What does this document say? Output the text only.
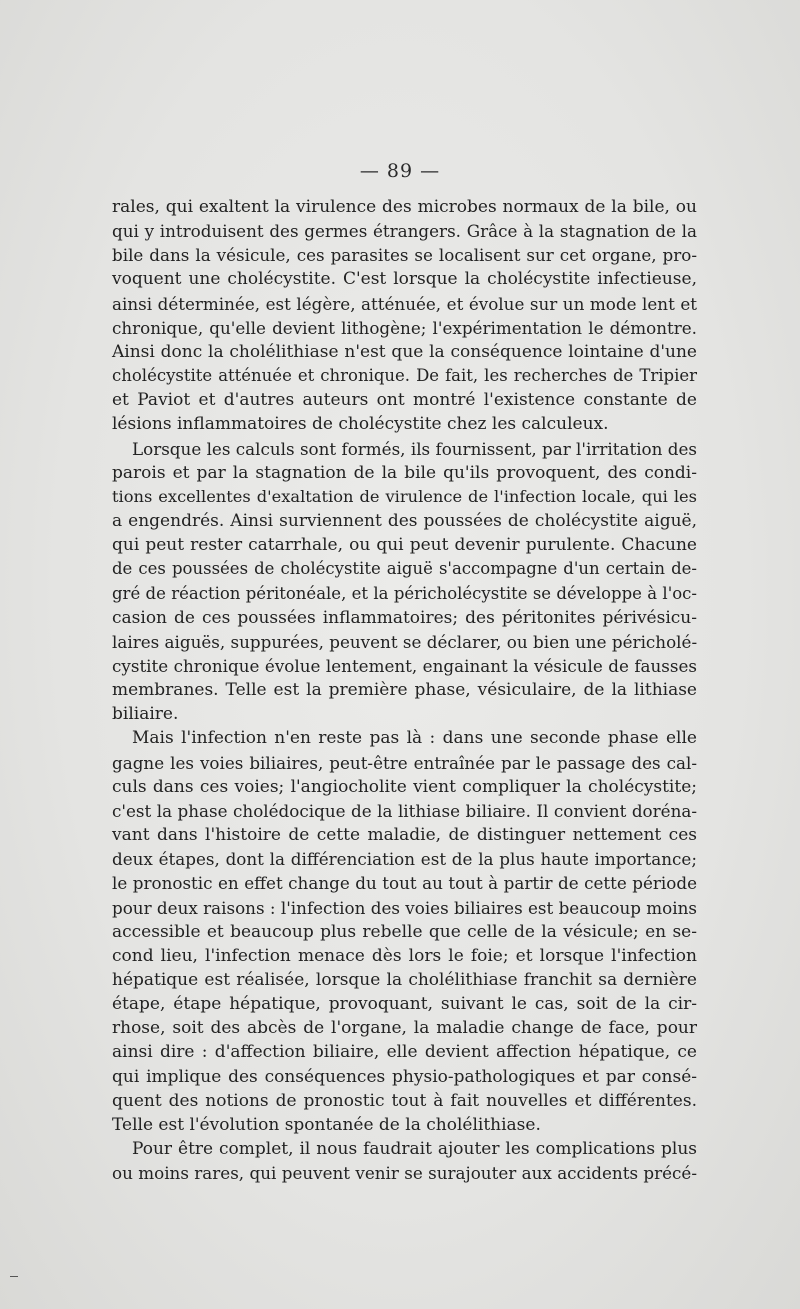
— 89 —

rales, qui exaltent la virulence des microbes normaux de la bile, ou
qui y introduisent des germes étrangers. Grâce à la stagnation de la
bile dans la vésicule, ces parasites se localisent sur cet organe, pro-
voquent une cholécystite. C'est lorsque la cholécystite infectieuse,
ainsi déterminée, est légère, atténuée, et évolue sur un mode lent et
chronique, qu'elle devient lithogène; l'expérimentation le démontre.
Ainsi donc la cholélithiase n'est que la conséquence lointaine d'une
cholécystite atténuée et chronique. De fait, les recherches de Tripier
et Paviot et d'autres auteurs ont montré l'existence constante de
lésions inflammatoires de cholécystite chez les calculeux.

Lorsque les calculs sont formés, ils fournissent, par l'irritation des
parois et par la stagnation de la bile qu'ils provoquent, des condi-
tions excellentes d'exaltation de virulence de l'infection locale, qui les
a engendrés. Ainsi surviennent des poussées de cholécystite aiguë,
qui peut rester catarrhale, ou qui peut devenir purulente. Chacune
de ces poussées de cholécystite aiguë s'accompagne d'un certain de-
gré de réaction péritonéale, et la péricholécystite se développe à l'oc-
casion de ces poussées inflammatoires; des péritonites périvésicu-
laires aiguës, suppurées, peuvent se déclarer, ou bien une péricholé-
cystite chronique évolue lentement, engainant la vésicule de fausses
membranes. Telle est la première phase, vésiculaire, de la lithiase
biliaire.

Mais l'infection n'en reste pas là : dans une seconde phase elle
gagne les voies biliaires, peut-être entraînée par le passage des cal-
culs dans ces voies; l'angiocholite vient compliquer la cholécystite;
c'est la phase cholédocique de la lithiase biliaire. Il convient doréna-
vant dans l'histoire de cette maladie, de distinguer nettement ces
deux étapes, dont la différenciation est de la plus haute importance;
le pronostic en effet change du tout au tout à partir de cette période
pour deux raisons : l'infection des voies biliaires est beaucoup moins
accessible et beaucoup plus rebelle que celle de la vésicule; en se-
cond lieu, l'infection menace dès lors le foie; et lorsque l'infection
hépatique est réalisée, lorsque la cholélithiase franchit sa dernière
étape, étape hépatique, provoquant, suivant le cas, soit de la cir-
rhose, soit des abcès de l'organe, la maladie change de face, pour
ainsi dire : d'affection biliaire, elle devient affection hépatique, ce
qui implique des conséquences physio-pathologiques et par consé-
quent des notions de pronostic tout à fait nouvelles et différentes.
Telle est l'évolution spontanée de la cholélithiase.

Pour être complet, il nous faudrait ajouter les complications plus
ou moins rares, qui peuvent venir se surajouter aux accidents précé-
